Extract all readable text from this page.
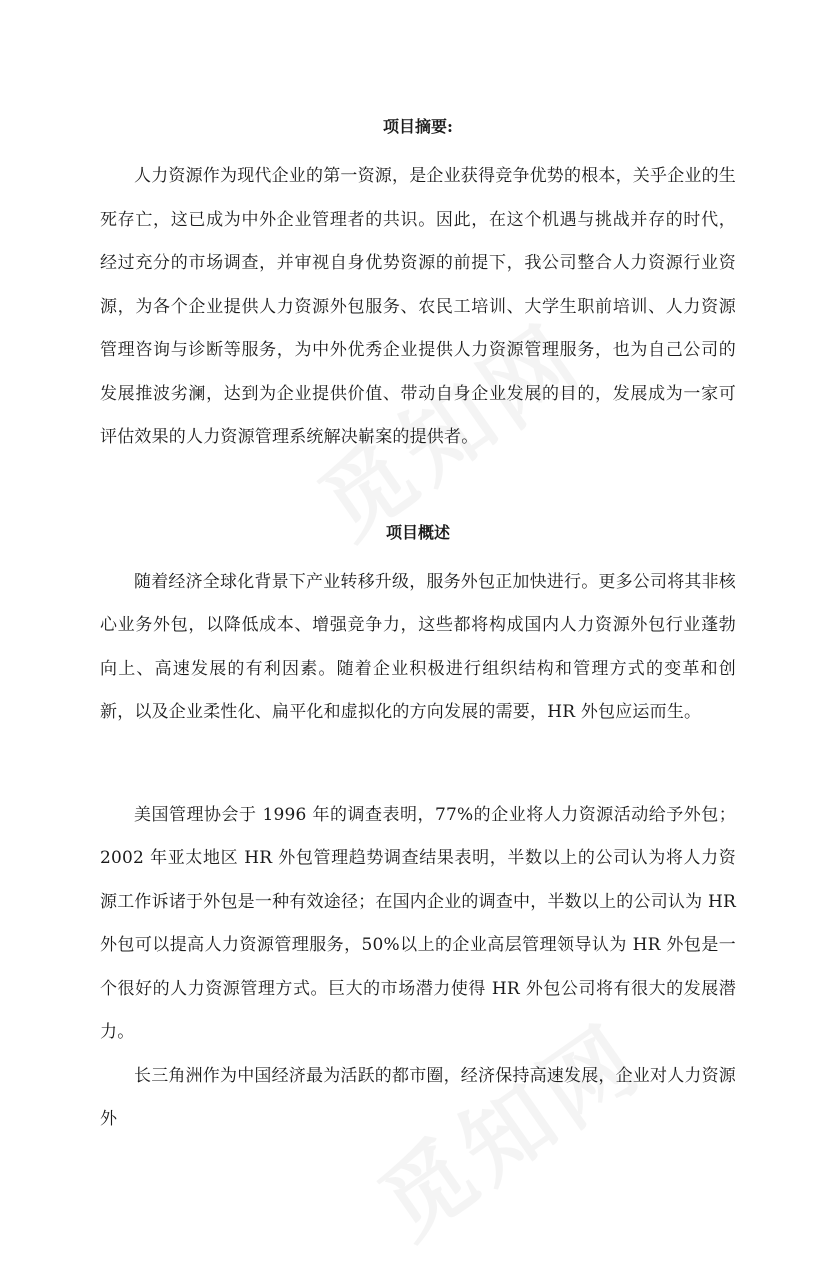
项目摘要:

人力资源作为现代企业的第一资源，是企业获得竞争优势的根本，关乎企业的生死存亡，这已成为中外企业管理者的共识。因此，在这个机遇与挑战并存的时代，经过充分的市场调查，并审视自身优势资源的前提下，我公司整合人力资源行业资源，为各个企业提供人力资源外包服务、农民工培训、大学生职前培训、人力资源管理咨询与诊断等服务，为中外优秀企业提供人力资源管理服务，也为自己公司的发展推波劣澜，达到为企业提供价值、带动自身企业发展的目的，发展成为一家可评估效果的人力资源管理系统解决嶄案的提供者。

项目概述

随着经济全球化背景下产业转移升级，服务外包正加快进行。更多公司将其非核心业务外包，以降低成本、增强竞争力，这些都将构成国内人力资源外包行业蓬勃向上、高速发展的有利因素。随着企业积极进行组织结构和管理方式的变革和创新，以及企业柔性化、扁平化和虚拟化的方向发展的需要，HR 外包应运而生。

美国管理协会于 1996 年的调查表明，77%的企业将人力资源活动给予外包；2002 年亚太地区 HR 外包管理趋势调查结果表明，半数以上的公司认为将人力资源工作诉诸于外包是一种有效途径；在国内企业的调查中，半数以上的公司认为 HR 外包可以提高人力资源管理服务，50%以上的企业高层管理领导认为 HR 外包是一个很好的人力资源管理方式。巨大的市场潜力使得 HR 外包公司将有很大的发展潜力。

长三角洲作为中国经济最为活跃的都市圈，经济保持高速发展，企业对人力资源外
